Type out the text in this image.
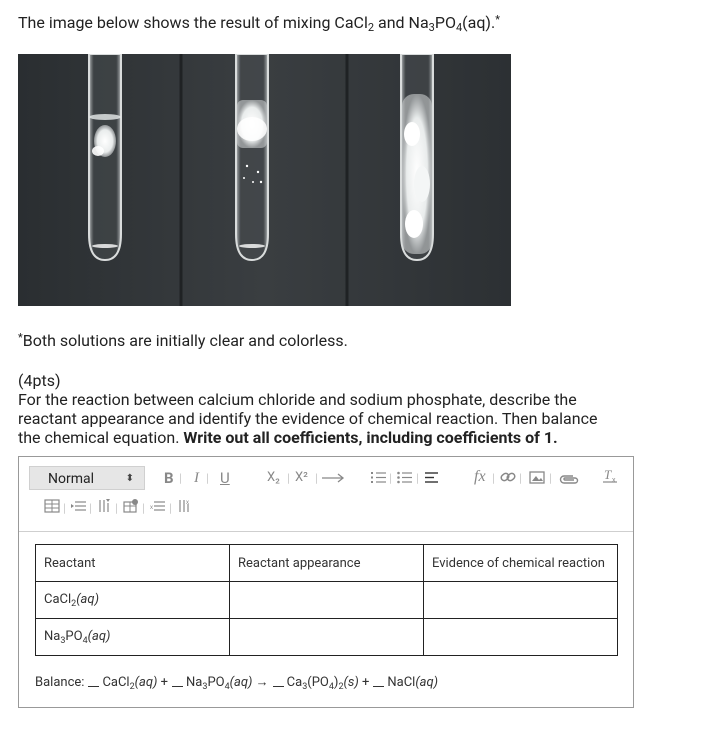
The image below shows the result of mixing CaCl$_2$ and $Na_3PO_4(aq).^*$
*Both solutions are initially clear and colorless.
(4pts)
For the reaction between calcium chloride and sodium phosphate, describe the reactant appearance and identify the evidence of chemical reaction. Then balance the chemical equation. Write out all coefficients, including coefficients of 1.
Normal	⬍ B | I | U	X₂ | X² |	| |	fx | | |	T x
| | | | x | x
Reactant	Reactant appearance	Evidence of chemical reaction
CaCl$_2$(aq)		
$Na_3PO_4(aq)$		
Balance: CaCl$_2$(aq) + $Na_3PO_4(aq) \to Ca_3(PO_4)_2(s)$ + NaCl(aq)
